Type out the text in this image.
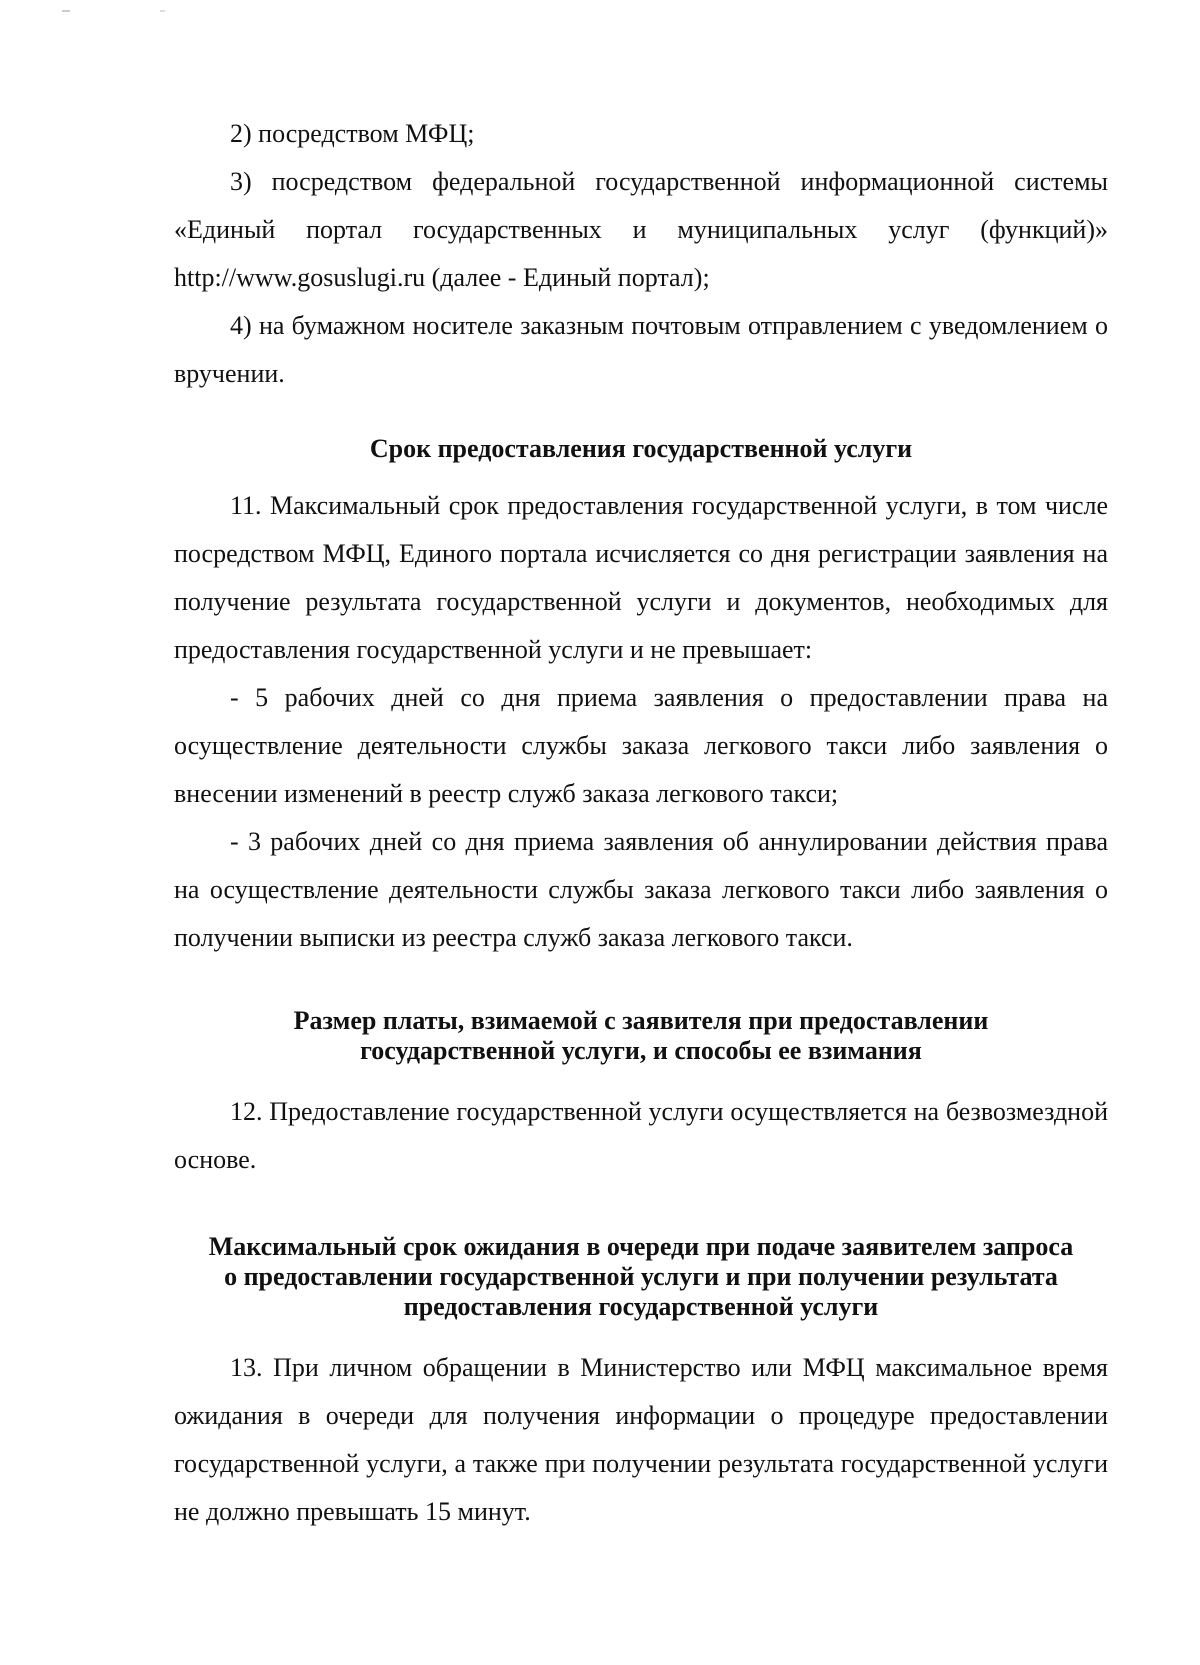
2) посредством МФЦ;

3) посредством федеральной государственной информационной системы «Единый портал государственных и муниципальных услуг (функций)» http://www.gosuslugi.ru (далее - Единый портал);

4) на бумажном носителе заказным почтовым отправлением с уведомлением о вручении.

Срок предоставления государственной услуги

11. Максимальный срок предоставления государственной услуги, в том числе посредством МФЦ, Единого портала исчисляется со дня регистрации заявления на получение результата государственной услуги и документов, необходимых для предоставления государственной услуги и не превышает:

- 5 рабочих дней со дня приема заявления о предоставлении права на осуществление деятельности службы заказа легкового такси либо заявления о внесении изменений в реестр служб заказа легкового такси;

- 3 рабочих дней со дня приема заявления об аннулировании действия права на осуществление деятельности службы заказа легкового такси либо заявления о получении выписки из реестра служб заказа легкового такси.

Размер платы, взимаемой с заявителя при предоставлении
государственной услуги, и способы ее взимания

12. Предоставление государственной услуги осуществляется на безвозмездной основе.

Максимальный срок ожидания в очереди при подаче заявителем запроса
о предоставлении государственной услуги и при получении результата
предоставления государственной услуги

13. При личном обращении в Министерство или МФЦ максимальное время ожидания в очереди для получения информации о процедуре предоставлении государственной услуги, а также при получении результата государственной услуги не должно превышать 15 минут.
